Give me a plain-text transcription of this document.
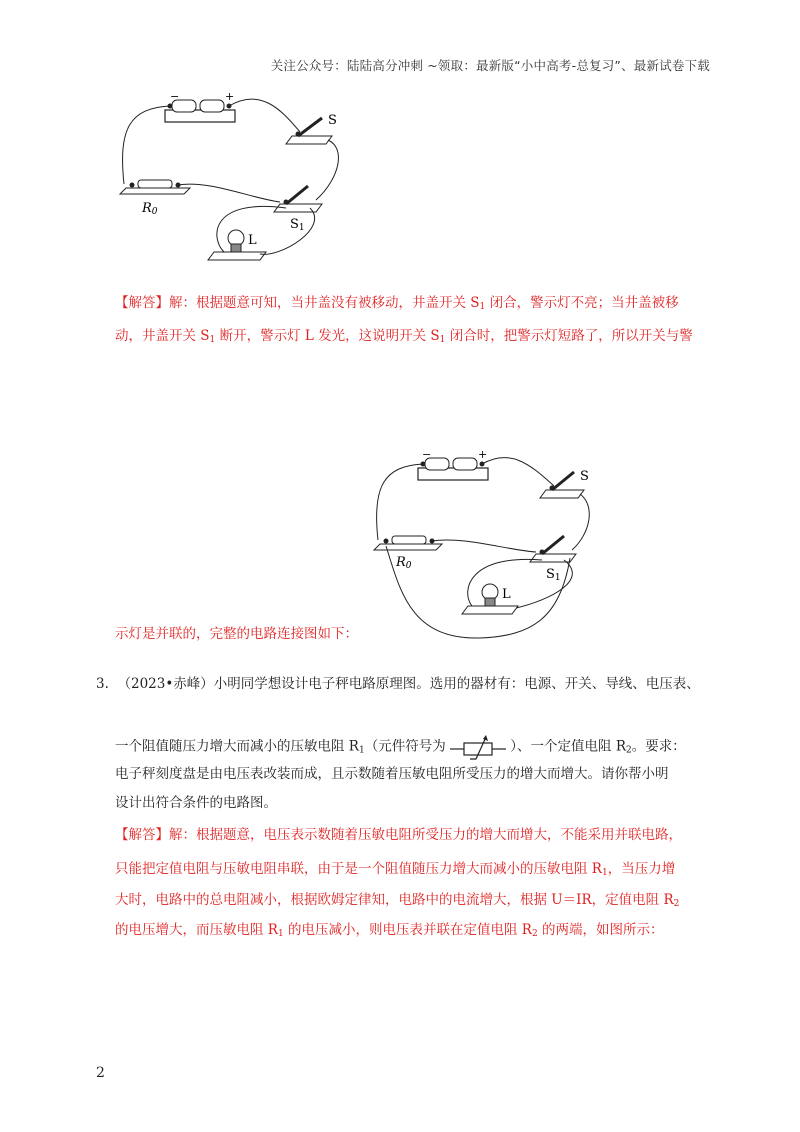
关注公众号：陆陆高分冲刺 ~领取：最新版“小中高考-总复习”、最新试卷下载
−	+
S
R0
S1
L
【解答】解：根据题意可知，当井盖没有被移动，井盖开关 $S_1$ 闭合，警示灯不亮；当井盖被移
动，井盖开关 $S_1$ 断开，警示灯 L 发光，这说明开关 $S_1$ 闭合时，把警示灯短路了，所以开关与警
−	+
S
R0
S1
L
示灯是并联的，完整的电路连接图如下：
3. （2023•赤峰）小明同学想设计电子秤电路原理图。选用的器材有：电源、开关、导线、电压表、
一个阻值随压力增大而减小的压敏电阻 $R_1$（元件符号为	）、一个定值电阻 $R_2$。要求：
电子秤刻度盘是由电压表改装而成，且示数随着压敏电阻所受压力的增大而增大。请你帮小明
设计出符合条件的电路图。
【解答】解：根据题意，电压表示数随着压敏电阻所受压力的增大而增大，不能采用并联电路，
只能把定值电阻与压敏电阻串联，由于是一个阻值随压力增大而减小的压敏电阻 $R_1$，当压力增
大时，电路中的总电阻减小，根据欧姆定律知，电路中的电流增大，根据 U＝IR，定值电阻 $R_2$
的电压增大，而压敏电阻 $R_1$ 的电压减小，则电压表并联在定值电阻 $R_2$ 的两端，如图所示：
2
